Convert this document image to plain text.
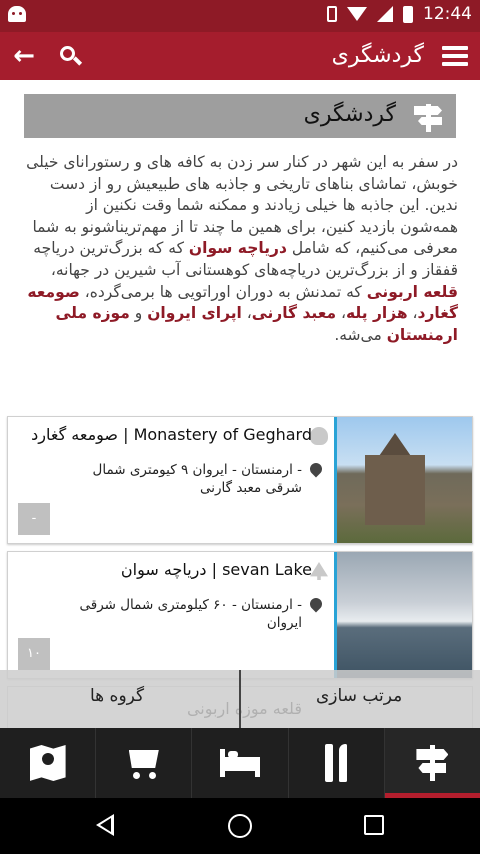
12:44
←	گردشگری
گردشگری
در سفر به این شهر در کنار سر زدن به کافه های و رستورانای خیلی خوبش، تماشای بناهای تاریخی و جاذبه های طبیعیش رو از دست ندین. این جاذبه ها خیلی زیادند و ممکنه شما وقت نکنین از همه‌شون بازدید کنین، برای همین ما چند تا از مهم‌تریناشونو به شما معرفی می‌کنیم، که شامل دریاچه سوان که که بزرگ‌ترین دریاچه قفقاز و از بزرگ‌ترین دریاچه‌های کوهستانی آب شیرین در جهانه، قلعه اربونی که تمدنش به دوران اوراتویی ها برمی‌گرده، صومعه گغارد، هزار پله، معبد گارنی، اپرای ایروان و موزه ملی ارمنستان می‌شه.
صومعه گغارد | Monastery of Geghard
- ارمنستان - ایروان ۹ کیومتری شمال شرقی معبد گارنی
-
دریاچه سوان | sevan Lake
- ارمنستان - ۶۰ کیلومتری شمال شرقی ایروان
۱۰
گروه ها	مرتب سازی
